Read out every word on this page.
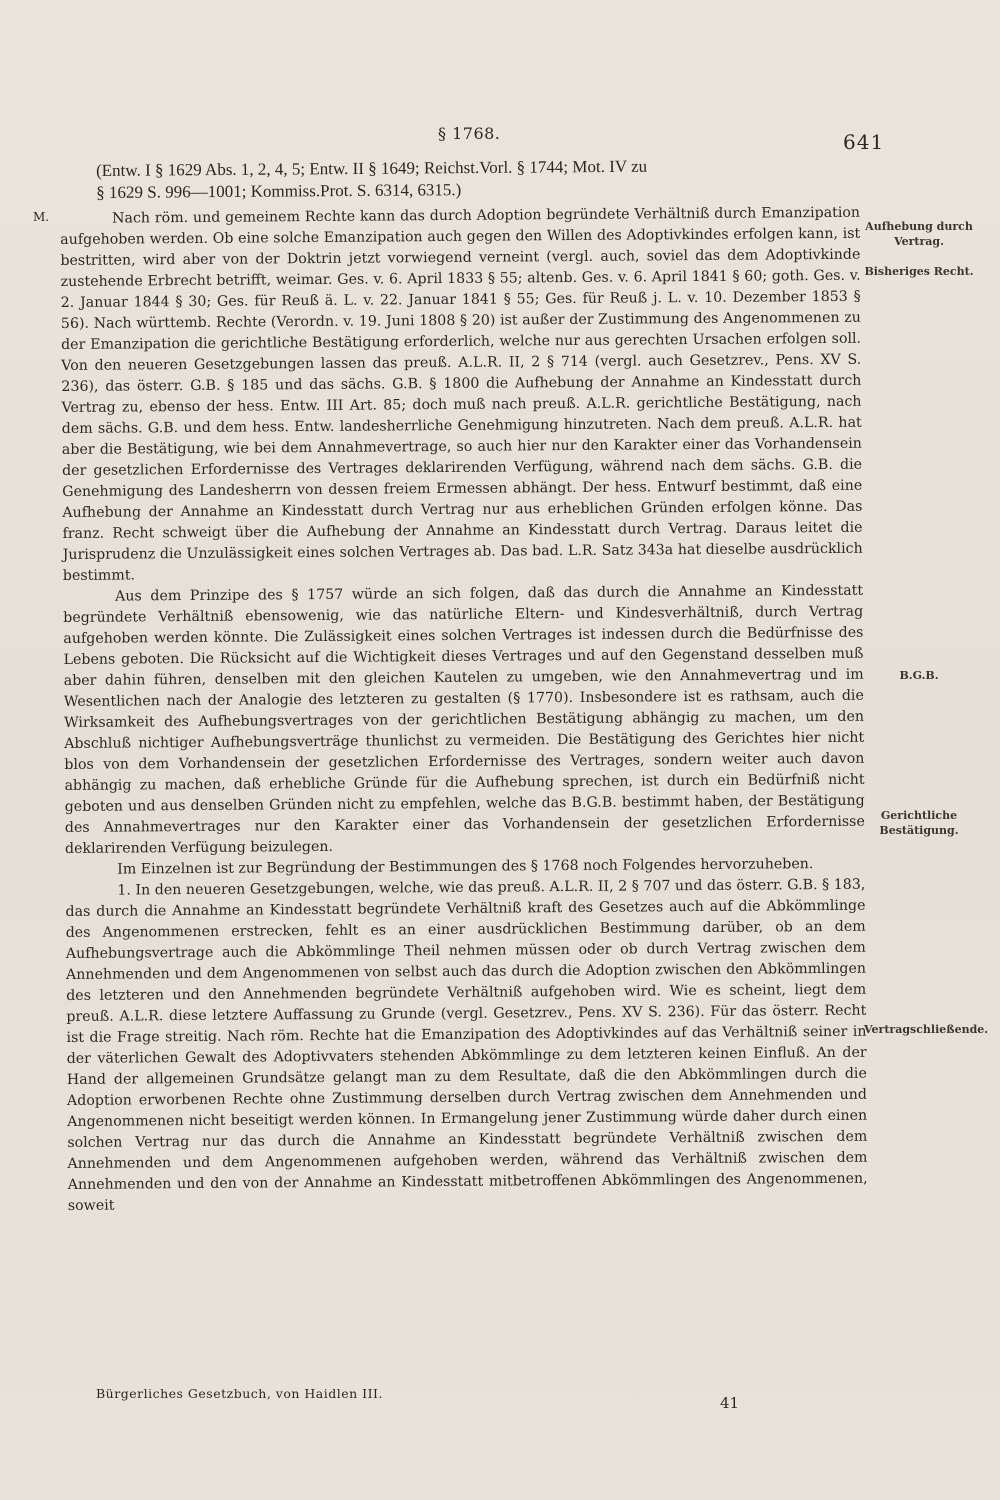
§ 1768.	641
(Entw. I § 1629 Abs. 1, 2, 4, 5; Entw. II § 1649; Reichst.Vorl. § 1744; Mot. IV zu
§ 1629 S. 996—1001; Kommiss.Prot. S. 6314, 6315.)
M.	Nach röm. und gemeinem Rechte kann das durch Adoption begründete Verhältniß durch Emanzipation aufgehoben werden. Ob eine solche Emanzipation auch gegen den Willen des Adoptivkindes erfolgen kann, ist bestritten, wird aber von der Doktrin jetzt vorwiegend verneint (vergl. auch, soviel das dem Adoptivkinde zustehende Erbrecht betrifft, weimar. Ges. v. 6. April 1833 § 55; altenb. Ges. v. 6. April 1841 § 60; goth. Ges. v. 2. Januar 1844 § 30; Ges. für Reuß ä. L. v. 22. Januar 1841 § 55; Ges. für Reuß j. L. v. 10. Dezember 1853 § 56). Nach württemb. Rechte (Verordn. v. 19. Juni 1808 § 20) ist außer der Zustimmung des Angenommenen zu der Emanzipation die gerichtliche Bestätigung erforderlich, welche nur aus gerechten Ursachen erfolgen soll. Von den neueren Gesetzgebungen lassen das preuß. A.L.R. II, 2 § 714 (vergl. auch Gesetzrev., Pens. XV S. 236), das österr. G.B. § 185 und das sächs. G.B. § 1800 die Aufhebung der Annahme an Kindesstatt durch Vertrag zu, ebenso der hess. Entw. III Art. 85; doch muß nach preuß. A.L.R. gerichtliche Bestätigung, nach dem sächs. G.B. und dem hess. Entw. landesherrliche Genehmigung hinzutreten. Nach dem preuß. A.L.R. hat aber die Bestätigung, wie bei dem Annahmevertrage, so auch hier nur den Karakter einer das Vorhandensein der gesetzlichen Erfordernisse des Vertrages deklarirenden Verfügung, während nach dem sächs. G.B. die Genehmigung des Landesherrn von dessen freiem Ermessen abhängt. Der hess. Entwurf bestimmt, daß eine Aufhebung der Annahme an Kindesstatt durch Vertrag nur aus erheblichen Gründen erfolgen könne. Das franz. Recht schweigt über die Aufhebung der Annahme an Kindesstatt durch Vertrag. Daraus leitet die Jurisprudenz die Unzulässigkeit eines solchen Vertrages ab. Das bad. L.R. Satz 343a hat dieselbe ausdrücklich bestimmt.

Aus dem Prinzipe des § 1757 würde an sich folgen, daß das durch die Annahme an Kindesstatt begründete Verhältniß ebensowenig, wie das natürliche Eltern- und Kindesverhältniß, durch Vertrag aufgehoben werden könnte. Die Zulässigkeit eines solchen Vertrages ist indessen durch die Bedürfnisse des Lebens geboten. Die Rücksicht auf die Wichtigkeit dieses Vertrages und auf den Gegenstand desselben muß aber dahin führen, denselben mit den gleichen Kautelen zu umgeben, wie den Annahmevertrag und im Wesentlichen nach der Analogie des letzteren zu gestalten (§ 1770). Insbesondere ist es rathsam, auch die Wirksamkeit des Aufhebungsvertrages von der gerichtlichen Bestätigung abhängig zu machen, um den Abschluß nichtiger Aufhebungsverträge thunlichst zu vermeiden. Die Bestätigung des Gerichtes hier nicht blos von dem Vorhandensein der gesetzlichen Erfordernisse des Vertrages, sondern weiter auch davon abhängig zu machen, daß erhebliche Gründe für die Aufhebung sprechen, ist durch ein Bedürfniß nicht geboten und aus denselben Gründen nicht zu empfehlen, welche das B.G.B. bestimmt haben, der Bestätigung des Annahmevertrages nur den Karakter einer das Vorhandensein der gesetzlichen Erfordernisse deklarirenden Verfügung beizulegen.

Im Einzelnen ist zur Begründung der Bestimmungen des § 1768 noch Folgendes hervorzuheben.

1. In den neueren Gesetzgebungen, welche, wie das preuß. A.L.R. II, 2 § 707 und das österr. G.B. § 183, das durch die Annahme an Kindesstatt begründete Verhältniß kraft des Gesetzes auch auf die Abkömmlinge des Angenommenen erstrecken, fehlt es an einer ausdrücklichen Bestimmung darüber, ob an dem Aufhebungsvertrage auch die Abkömmlinge Theil nehmen müssen oder ob durch Vertrag zwischen dem Annehmenden und dem Angenommenen von selbst auch das durch die Adoption zwischen den Abkömmlingen des letzteren und den Annehmenden begründete Verhältniß aufgehoben wird. Wie es scheint, liegt dem preuß. A.L.R. diese letztere Auffassung zu Grunde (vergl. Gesetzrev., Pens. XV S. 236). Für das österr. Recht ist die Frage streitig. Nach röm. Rechte hat die Emanzipation des Adoptivkindes auf das Verhältniß seiner in der väterlichen Gewalt des Adoptivvaters stehenden Abkömmlinge zu dem letzteren keinen Einfluß. An der Hand der allgemeinen Grundsätze gelangt man zu dem Resultate, daß die den Abkömmlingen durch die Adoption erworbenen Rechte ohne Zustimmung derselben durch Vertrag zwischen dem Annehmenden und Angenommenen nicht beseitigt werden können. In Ermangelung jener Zustimmung würde daher durch einen solchen Vertrag nur das durch die Annahme an Kindesstatt begründete Verhältniß zwischen dem Annehmenden und dem Angenommenen aufgehoben werden, während das Verhältniß zwischen dem Annehmenden und den von der Annahme an Kindesstatt mitbetroffenen Abkömmlingen des Angenommenen, soweit

Aufhebung durch Vertrag.
Bisheriges Recht.
B.G.B.
Gerichtliche Bestätigung.
Vertragschließende.
Bürgerliches Gesetzbuch, von Haidlen III.
41
